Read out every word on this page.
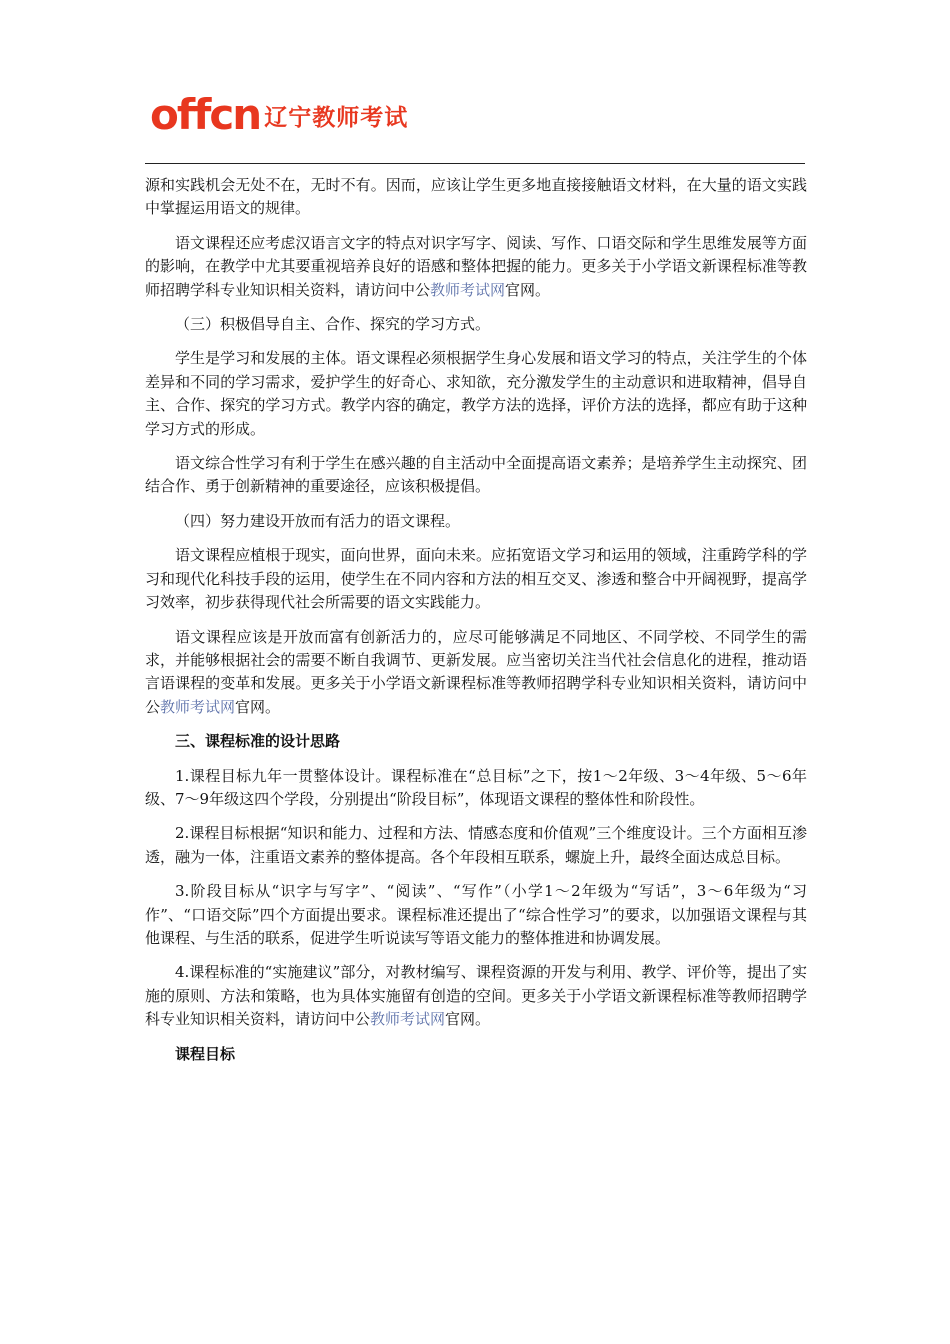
offcn 辽宁教师考试

源和实践机会无处不在，无时不有。因而，应该让学生更多地直接接触语文材料，在大量的语文实践中掌握运用语文的规律。

语文课程还应考虑汉语言文字的特点对识字写字、阅读、写作、口语交际和学生思维发展等方面的影响，在教学中尤其要重视培养良好的语感和整体把握的能力。更多关于小学语文新课程标准等教师招聘学科专业知识相关资料，请访问中公教师考试网官网。

（三）积极倡导自主、合作、探究的学习方式。

学生是学习和发展的主体。语文课程必须根据学生身心发展和语文学习的特点，关注学生的个体差异和不同的学习需求，爱护学生的好奇心、求知欲，充分激发学生的主动意识和进取精神，倡导自主、合作、探究的学习方式。教学内容的确定，教学方法的选择，评价方法的选择，都应有助于这种学习方式的形成。

语文综合性学习有利于学生在感兴趣的自主活动中全面提高语文素养；是培养学生主动探究、团结合作、勇于创新精神的重要途径，应该积极提倡。

（四）努力建设开放而有活力的语文课程。

语文课程应植根于现实，面向世界，面向未来。应拓宽语文学习和运用的领域，注重跨学科的学习和现代化科技手段的运用，使学生在不同内容和方法的相互交叉、渗透和整合中开阔视野，提高学习效率，初步获得现代社会所需要的语文实践能力。

语文课程应该是开放而富有创新活力的，应尽可能够满足不同地区、不同学校、不同学生的需求，并能够根据社会的需要不断自我调节、更新发展。应当密切关注当代社会信息化的进程，推动语言语课程的变革和发展。更多关于小学语文新课程标准等教师招聘学科专业知识相关资料，请访问中公教师考试网官网。

三、课程标准的设计思路

1.课程目标九年一贯整体设计。课程标准在“总目标”之下，按1～2年级、3～4年级、5～6年级、7～9年级这四个学段，分别提出“阶段目标”，体现语文课程的整体性和阶段性。

2.课程目标根据“知识和能力、过程和方法、情感态度和价值观”三个维度设计。三个方面相互渗透，融为一体，注重语文素养的整体提高。各个年段相互联系，螺旋上升，最终全面达成总目标。

3.阶段目标从“识字与写字”、“阅读”、“写作”（小学1～2年级为“写话”，3～6年级为“习作”、“口语交际”四个方面提出要求。课程标准还提出了“综合性学习”的要求，以加强语文课程与其他课程、与生活的联系，促进学生听说读写等语文能力的整体推进和协调发展。

4.课程标准的“实施建议”部分，对教材编写、课程资源的开发与利用、教学、评价等，提出了实施的原则、方法和策略，也为具体实施留有创造的空间。更多关于小学语文新课程标准等教师招聘学科专业知识相关资料，请访问中公教师考试网官网。

课程目标
